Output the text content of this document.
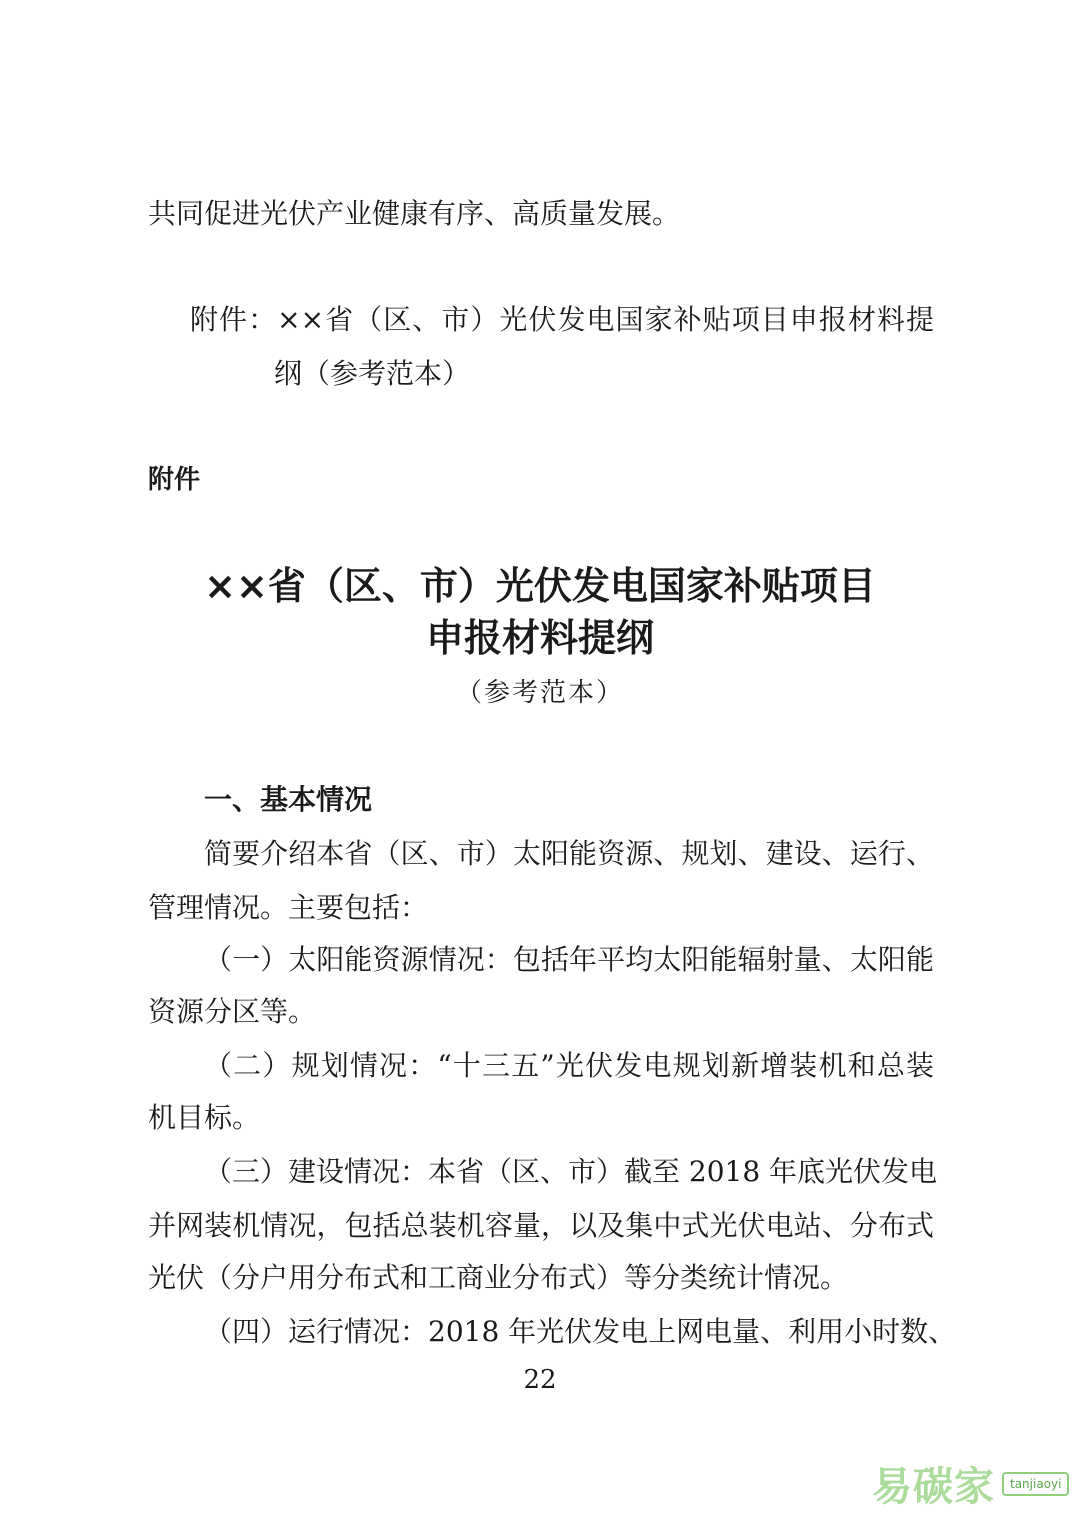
共同促进光伏产业健康有序、高质量发展。
附件：××省（区、市）光伏发电国家补贴项目申报材料提
纲（参考范本）
附件
××省（区、市）光伏发电国家补贴项目
申报材料提纲
（参考范本）
一、基本情况
简要介绍本省（区、市）太阳能资源、规划、建设、运行、
管理情况。主要包括：
（一）太阳能资源情况：包括年平均太阳能辐射量、太阳能
资源分区等。
（二）规划情况：“十三五”光伏发电规划新增装机和总装
机目标。
（三）建设情况：本省（区、市）截至 2018 年底光伏发电
并网装机情况，包括总装机容量，以及集中式光伏电站、分布式
光伏（分户用分布式和工商业分布式）等分类统计情况。
（四）运行情况：2018 年光伏发电上网电量、利用小时数、
22
易碳家	tanjiaoyi
